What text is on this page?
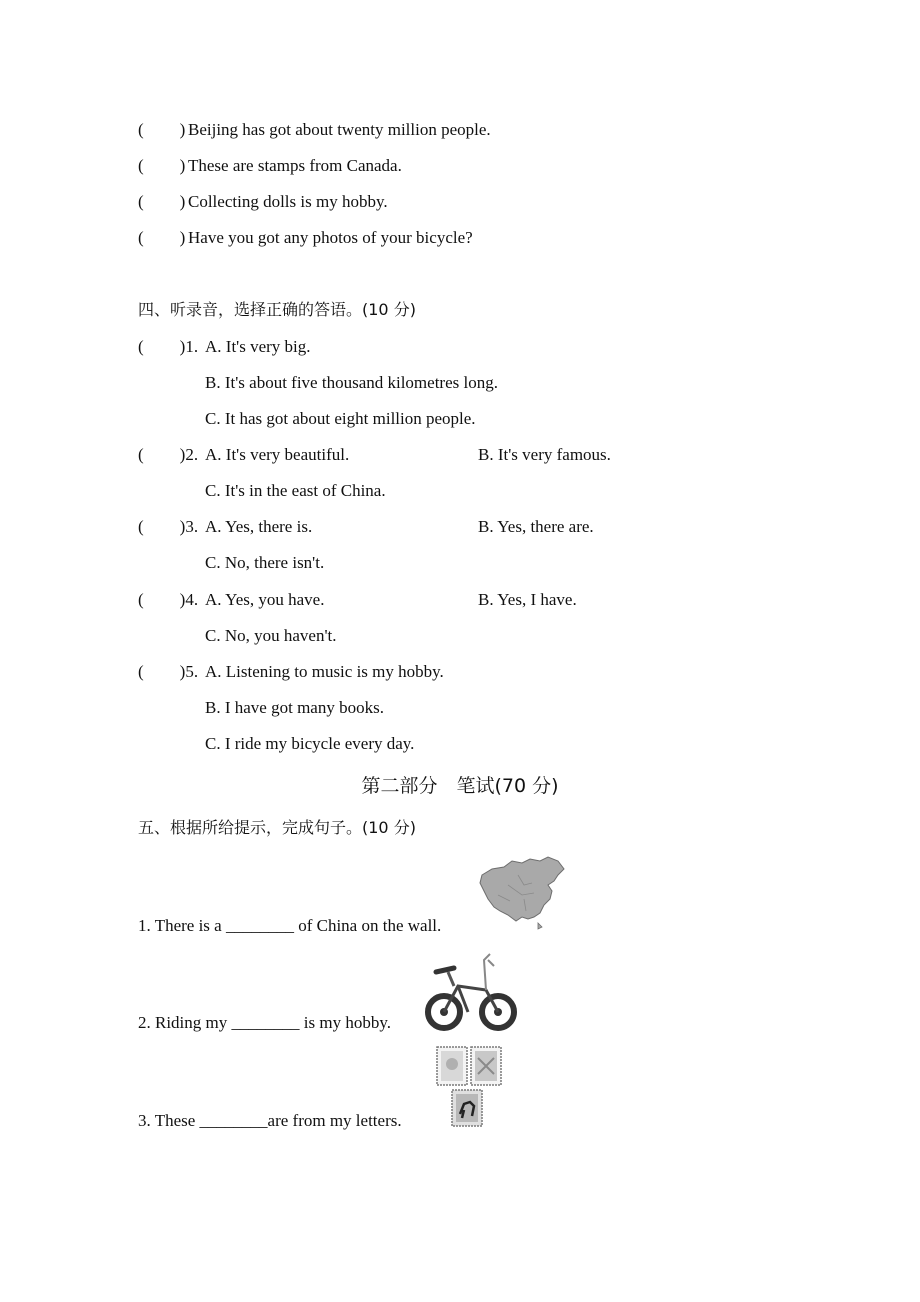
( ) Beijing has got about twenty million people.
( ) These are stamps from Canada.
( ) Collecting dolls is my hobby.
( ) Have you got any photos of your bicycle?
四、听录音，选择正确的答语。(10 分)
( )1. A. It's very big.
B. It's about five thousand kilometres long.
C. It has got about eight million people.
( )2. A. It's very beautiful.	B. It's very famous.
C. It's in the east of China.
( )3. A. Yes, there is.	B. Yes, there are.
C. No, there isn't.
( )4. A. Yes, you have.	B. Yes, I have.
C. No, you haven't.
( )5. A. Listening to music is my hobby.
B. I have got many books.
C. I ride my bicycle every day.
第二部分　笔试(70 分)
五、根据所给提示，完成句子。(10 分)
1. There is a ________ of China on the wall.
2. Riding my ________ is my hobby.
3. These ________are from my letters.
